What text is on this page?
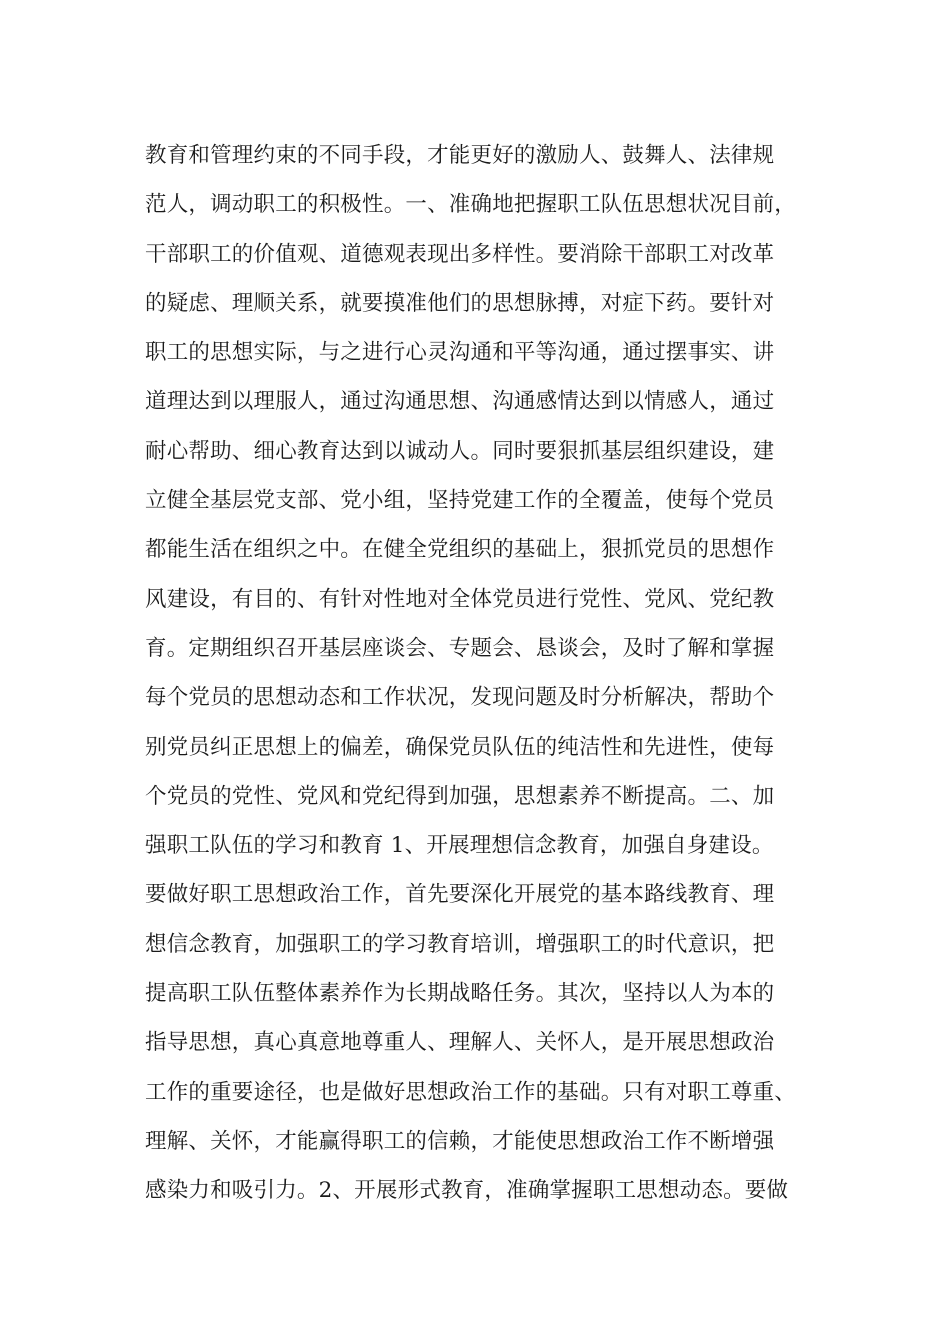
教育和管理约束的不同手段，才能更好的激励人、鼓舞人、法律规
范人，调动职工的积极性。一、准确地把握职工队伍思想状况目前，
干部职工的价值观、道德观表现出多样性。要消除干部职工对改革
的疑虑、理顺关系，就要摸准他们的思想脉搏，对症下药。要针对
职工的思想实际，与之进行心灵沟通和平等沟通，通过摆事实、讲
道理达到以理服人，通过沟通思想、沟通感情达到以情感人，通过
耐心帮助、细心教育达到以诚动人。同时要狠抓基层组织建设，建
立健全基层党支部、党小组，坚持党建工作的全覆盖，使每个党员
都能生活在组织之中。在健全党组织的基础上，狠抓党员的思想作
风建设，有目的、有针对性地对全体党员进行党性、党风、党纪教
育。定期组织召开基层座谈会、专题会、恳谈会，及时了解和掌握
每个党员的思想动态和工作状况，发现问题及时分析解决，帮助个
别党员纠正思想上的偏差，确保党员队伍的纯洁性和先进性，使每
个党员的党性、党风和党纪得到加强，思想素养不断提高。二、加
强职工队伍的学习和教育 1、开展理想信念教育，加强自身建设。
要做好职工思想政治工作，首先要深化开展党的基本路线教育、理
想信念教育，加强职工的学习教育培训，增强职工的时代意识，把
提高职工队伍整体素养作为长期战略任务。其次，坚持以人为本的
指导思想，真心真意地尊重人、理解人、关怀人，是开展思想政治
工作的重要途径，也是做好思想政治工作的基础。只有对职工尊重、
理解、关怀，才能赢得职工的信赖，才能使思想政治工作不断增强
感染力和吸引力。2、开展形式教育，准确掌握职工思想动态。要做
